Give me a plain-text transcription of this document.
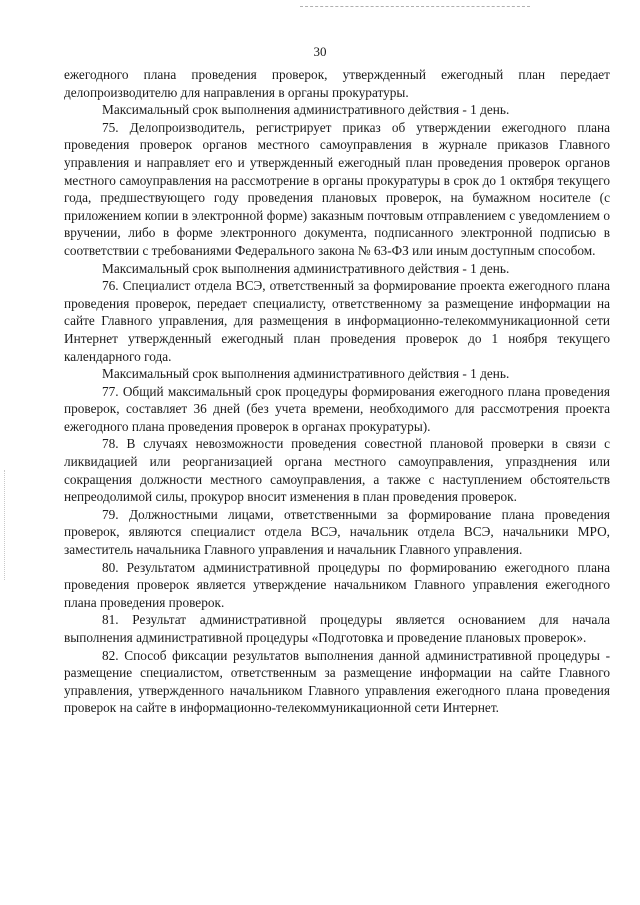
30

ежегодного плана проведения проверок, утвержденный ежегодный план передает делопроизводителю для направления в органы прокуратуры.

Максимальный срок выполнения административного действия - 1 день.

75. Делопроизводитель, регистрирует приказ об утверждении ежегодного плана проведения проверок органов местного самоуправления в журнале приказов Главного управления и направляет его и утвержденный ежегодный план проведения проверок органов местного самоуправления на рассмотрение в органы прокуратуры в срок до 1 октября текущего года, предшествующего году проведения плановых проверок, на бумажном носителе (с приложением копии в электронной форме) заказным почтовым отправлением с уведомлением о вручении, либо в форме электронного документа, подписанного электронной подписью в соответствии с требованиями Федерального закона № 63-ФЗ или иным доступным способом.

Максимальный срок выполнения административного действия - 1 день.

76. Специалист отдела ВСЭ, ответственный за формирование проекта ежегодного плана проведения проверок, передает специалисту, ответственному за размещение информации на сайте Главного управления, для размещения в информационно-телекоммуникационной сети Интернет утвержденный ежегодный план проведения проверок до 1 ноября текущего календарного года.

Максимальный срок выполнения административного действия - 1 день.

77. Общий максимальный срок процедуры формирования ежегодного плана проведения проверок, составляет 36 дней (без учета времени, необходимого для рассмотрения проекта ежегодного плана проведения проверок в органах прокуратуры).

78. В случаях невозможности проведения совестной плановой проверки в связи с ликвидацией или реорганизацией органа местного самоуправления, упразднения или сокращения должности местного самоуправления, а также с наступлением обстоятельств непреодолимой силы, прокурор вносит изменения в план проведения проверок.

79. Должностными лицами, ответственными за формирование плана проведения проверок, являются специалист отдела ВСЭ, начальник отдела ВСЭ, начальники МРО, заместитель начальника Главного управления и начальник Главного управления.

80. Результатом административной процедуры по формированию ежегодного плана проведения проверок является утверждение начальником Главного управления ежегодного плана проведения проверок.

81. Результат административной процедуры является основанием для начала выполнения административной процедуры «Подготовка и проведение плановых проверок».

82. Способ фиксации результатов выполнения данной административной процедуры - размещение специалистом, ответственным за размещение информации на сайте Главного управления, утвержденного начальником Главного управления ежегодного плана проведения проверок на сайте в информационно-телекоммуникационной сети Интернет.
